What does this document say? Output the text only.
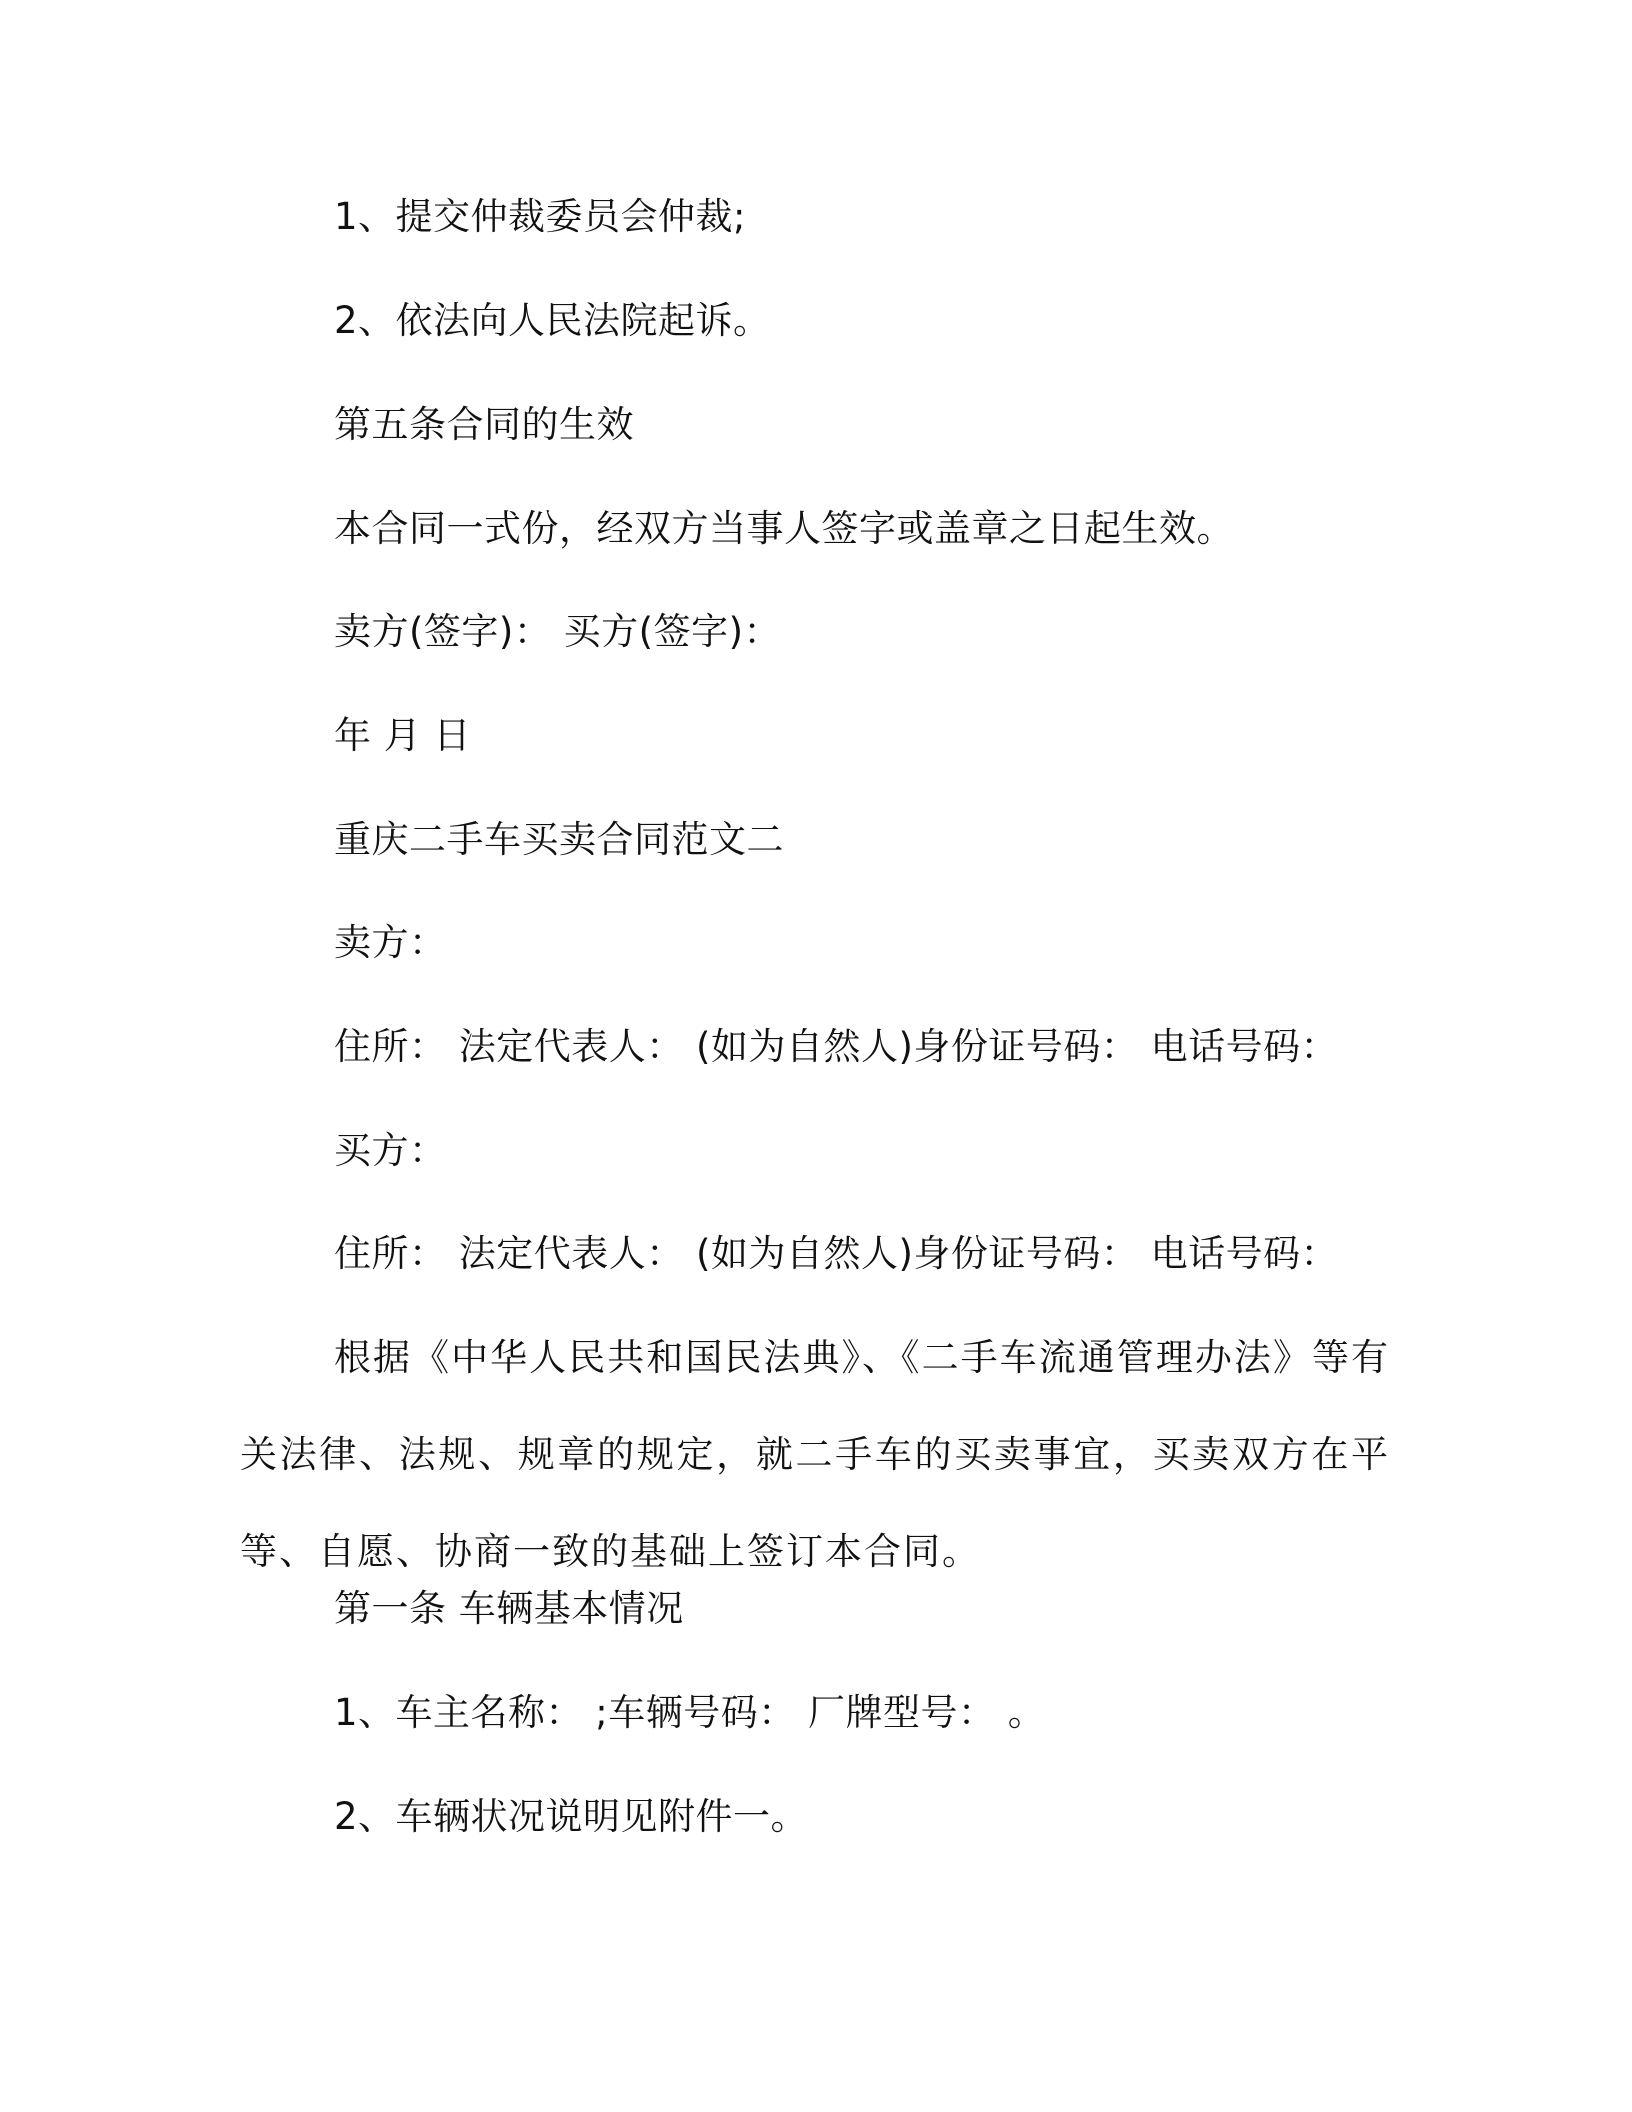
1、提交仲裁委员会仲裁;
2、依法向人民法院起诉。
第五条合同的生效
本合同一式份，经双方当事人签字或盖章之日起生效。
卖方(签字)： 买方(签字)：
年 月 日
重庆二手车买卖合同范文二
卖方：
住所： 法定代表人： (如为自然人)身份证号码： 电话号码：
买方：
住所： 法定代表人： (如为自然人)身份证号码： 电话号码：
根据《中华人民共和国民法典》、《二手车流通管理办法》等有关法律、法规、规章的规定，就二手车的买卖事宜，买卖双方在平等、自愿、协商一致的基础上签订本合同。
第一条 车辆基本情况
1、车主名称： ;车辆号码： 厂牌型号： 。
2、车辆状况说明见附件一。
